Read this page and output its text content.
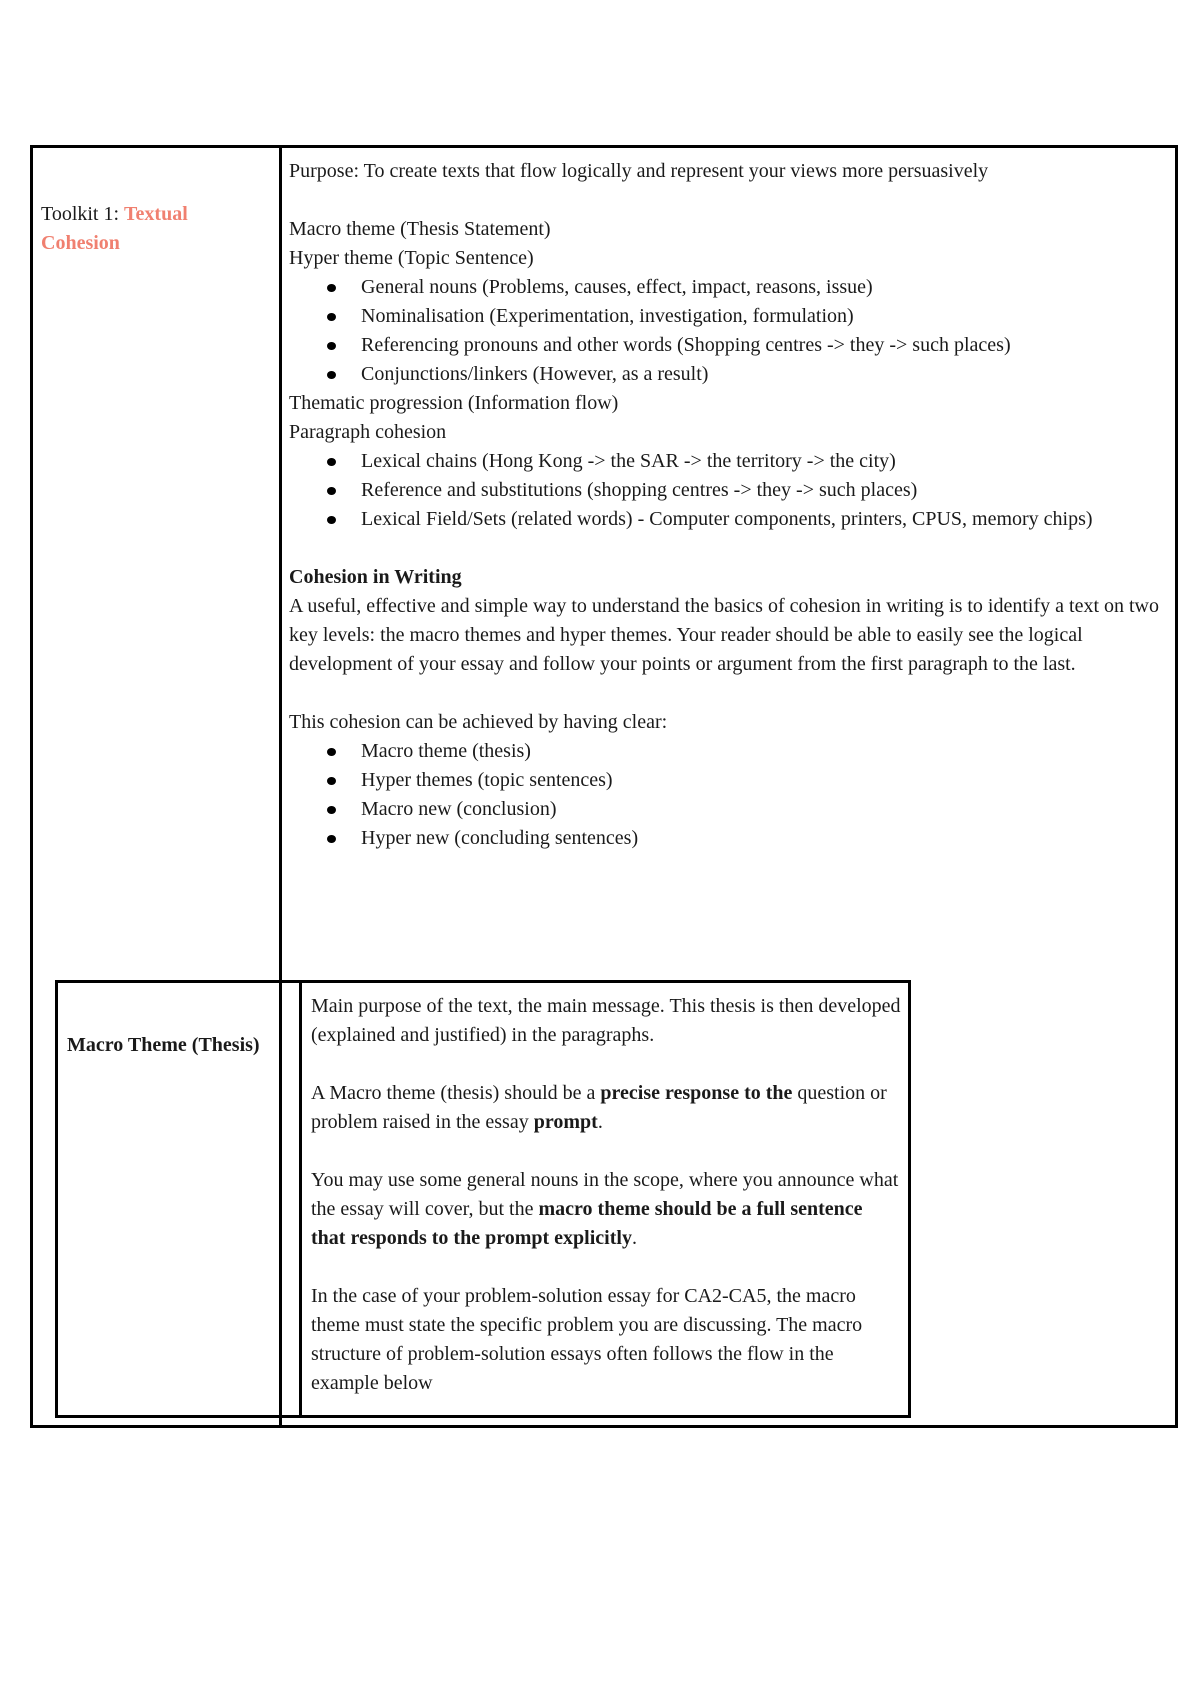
Toolkit 1: Textual
Cohesion

Purpose: To create texts that flow logically and represent your views more persuasively

Macro theme (Thesis Statement)

Hyper theme (Topic Sentence)

General nouns (Problems, causes, effect, impact, reasons, issue)
Nominalisation (Experimentation, investigation, formulation)
Referencing pronouns and other words (Shopping centres -> they -> such places)
Conjunctions/linkers (However, as a result)

Thematic progression (Information flow)

Paragraph cohesion

Lexical chains (Hong Kong -> the SAR -> the territory -> the city)
Reference and substitutions (shopping centres -> they -> such places)
Lexical Field/Sets (related words) - Computer components, printers, CPUS, memory chips)

Cohesion in Writing

A useful, effective and simple way to understand the basics of cohesion in writing is to identify a text on two key levels: the macro themes and hyper themes. Your reader should be able to easily see the logical development of your essay and follow your points or argument from the first paragraph to the last.

This cohesion can be achieved by having clear:

Macro theme (thesis)
Hyper themes (topic sentences)
Macro new (conclusion)
Hyper new (concluding sentences)
Macro Theme (Thesis)

Main purpose of the text, the main message. This thesis is then developed (explained and justified) in the paragraphs.

A Macro theme (thesis) should be a precise response to the question or problem raised in the essay prompt.

You may use some general nouns in the scope, where you announce what the essay will cover, but the macro theme should be a full sentence that responds to the prompt explicitly.

In the case of your problem-solution essay for CA2-CA5, the macro theme must state the specific problem you are discussing. The macro structure of problem-solution essays often follows the flow in the example below
